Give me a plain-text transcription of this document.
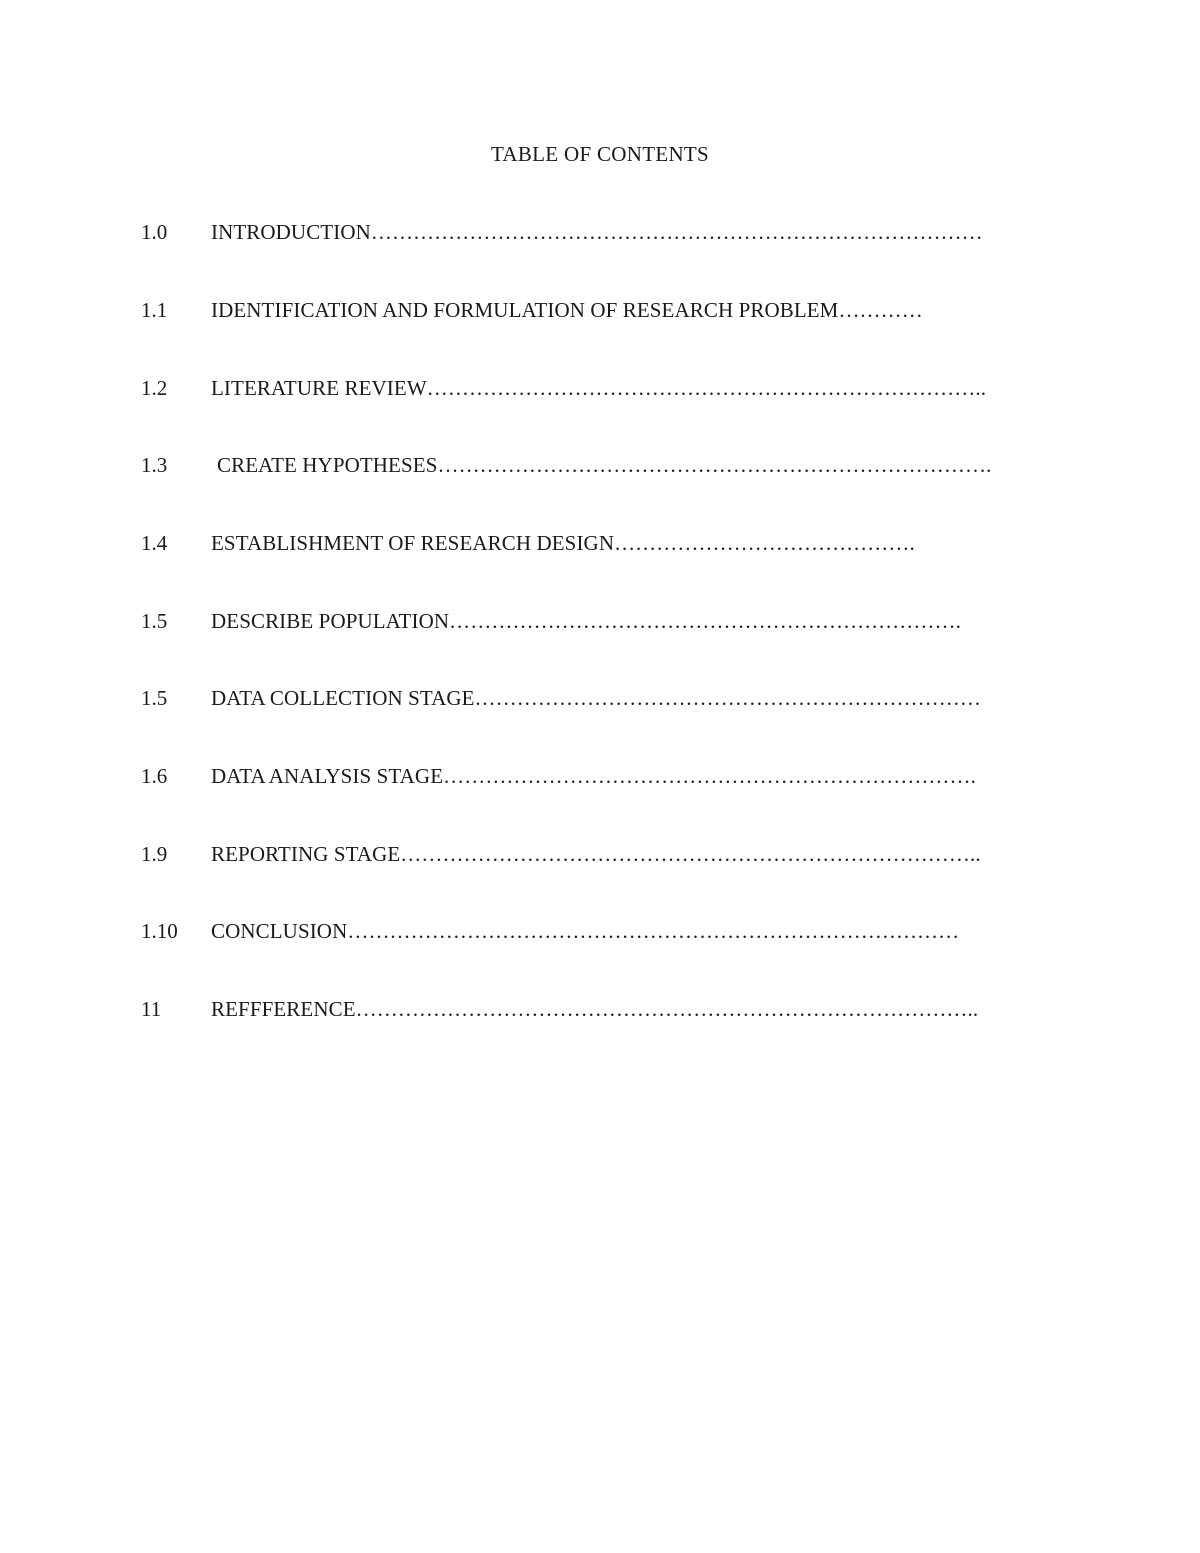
TABLE OF CONTENTS
1.0 INTRODUCTION……………………………………………………………………………
1.1 IDENTIFICATION AND FORMULATION OF RESEARCH PROBLEM…………
1.2 LITERATURE REVIEW……………………………………………………………………..
1.3 CREATE HYPOTHESES…………………………………………………………………….
1.4 ESTABLISHMENT OF RESEARCH DESIGN…………………………………….
1.5 DESCRIBE POPULATION……………………………………………………………….
1.5 DATA COLLECTION STAGE………………………………………………………………
1.6 DATA ANALYSIS STAGE………………………………………………………………….
1.9 REPORTING STAGE………………………………………………………………………..
1.10 CONCLUSION……………………………………………………………………………
11 REFFFERENCE……………………………………………………………………………..
